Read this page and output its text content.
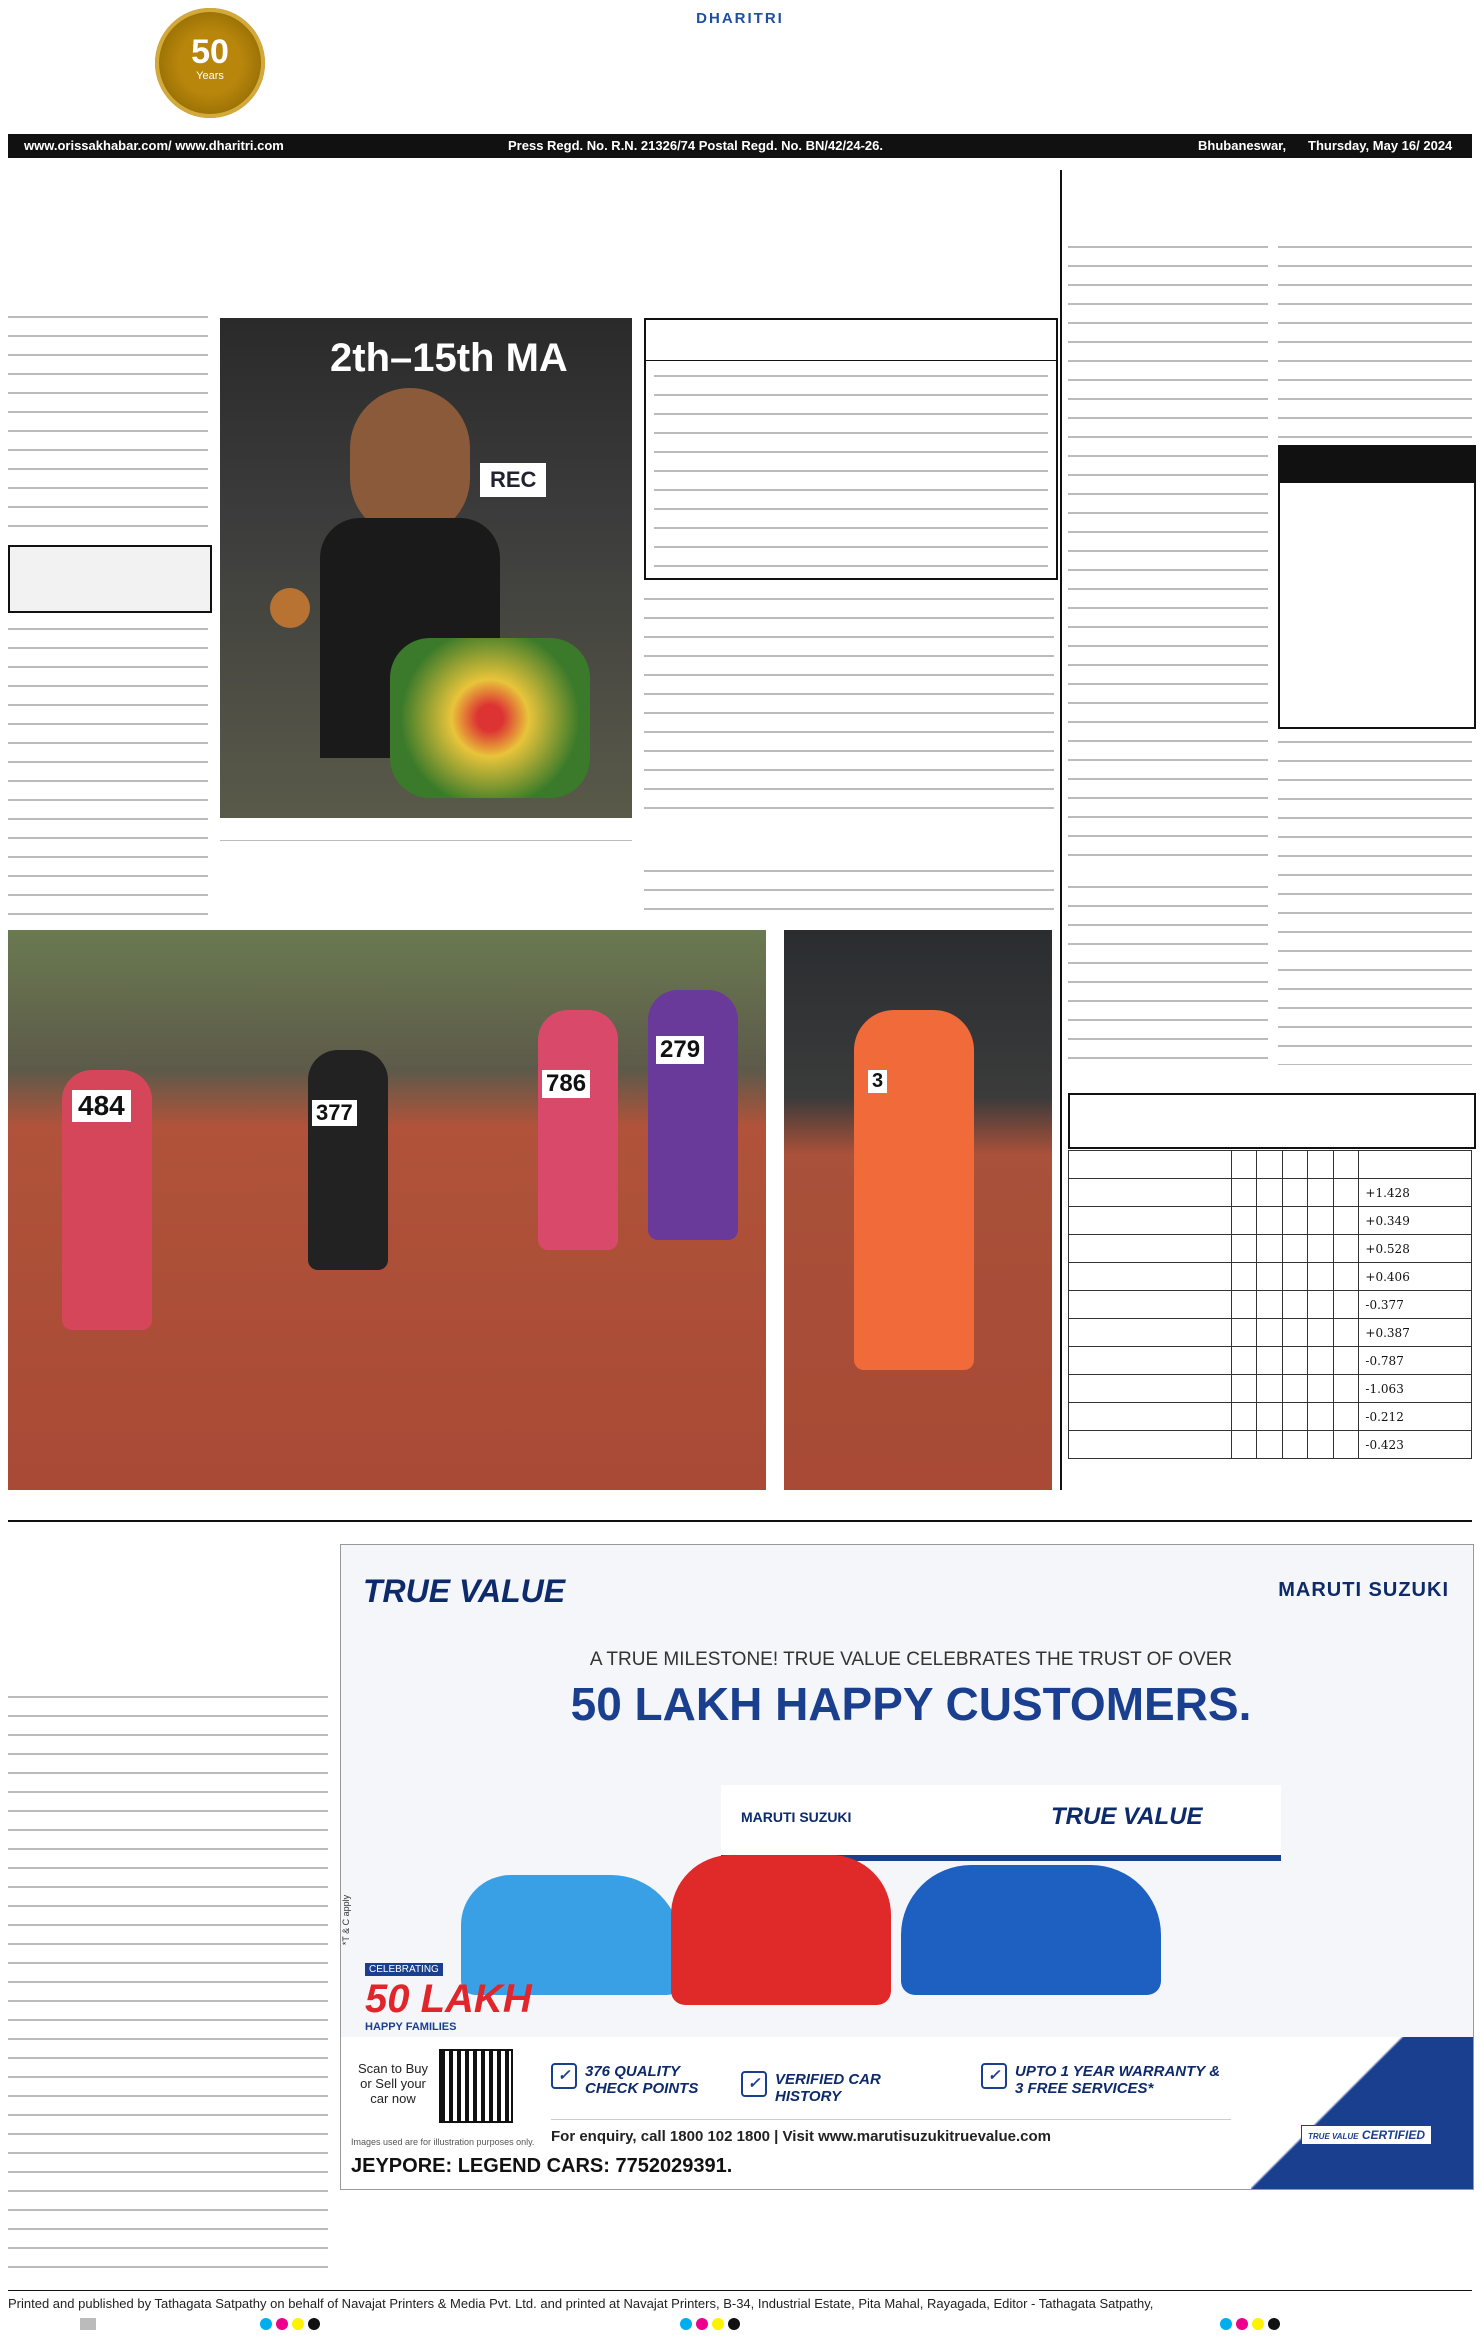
50
Years
DHARITRI
www.orissakhabar.com/ www.dharitri.com	Press Regd. No. R.N. 21326/74 Postal Regd. No. BN/42/24-26.	Bhubaneswar, Thursday, May 16/ 2024
2th–15th MA
REC
484	377
786
279
3

						+1.428
						+0.349
						+0.528
						+0.406
						-0.377
						+0.387
						-0.787
						-1.063
						-0.212
						-0.423
TRUE VALUE	MARUTI SUZUKI
A TRUE MILESTONE! TRUE VALUE CELEBRATES THE TRUST OF OVER
50 LAKH HAPPY CUSTOMERS.
MARUTI SUZUKI	TRUE VALUE
CELEBRATING
50 LAKH
HAPPY FAMILIES
*T & C apply
Scan to Buy or Sell your car now
Images used are for illustration purposes only.
✓ 376 QUALITY CHECK POINTS	✓ VERIFIED CAR HISTORY
✓ UPTO 1 YEAR WARRANTY & 3 FREE SERVICES*
For enquiry, call 1800 102 1800 | Visit www.marutisuzukitruevalue.com
JEYPORE: LEGEND CARS: 7752029391.
TRUE VALUE CERTIFIED
Printed and published by Tathagata Satpathy on behalf of Navajat Printers & Media Pvt. Ltd. and printed at Navajat Printers, B-34, Industrial Estate, Pita Mahal, Rayagada, Editor - Tathagata Satpathy,
